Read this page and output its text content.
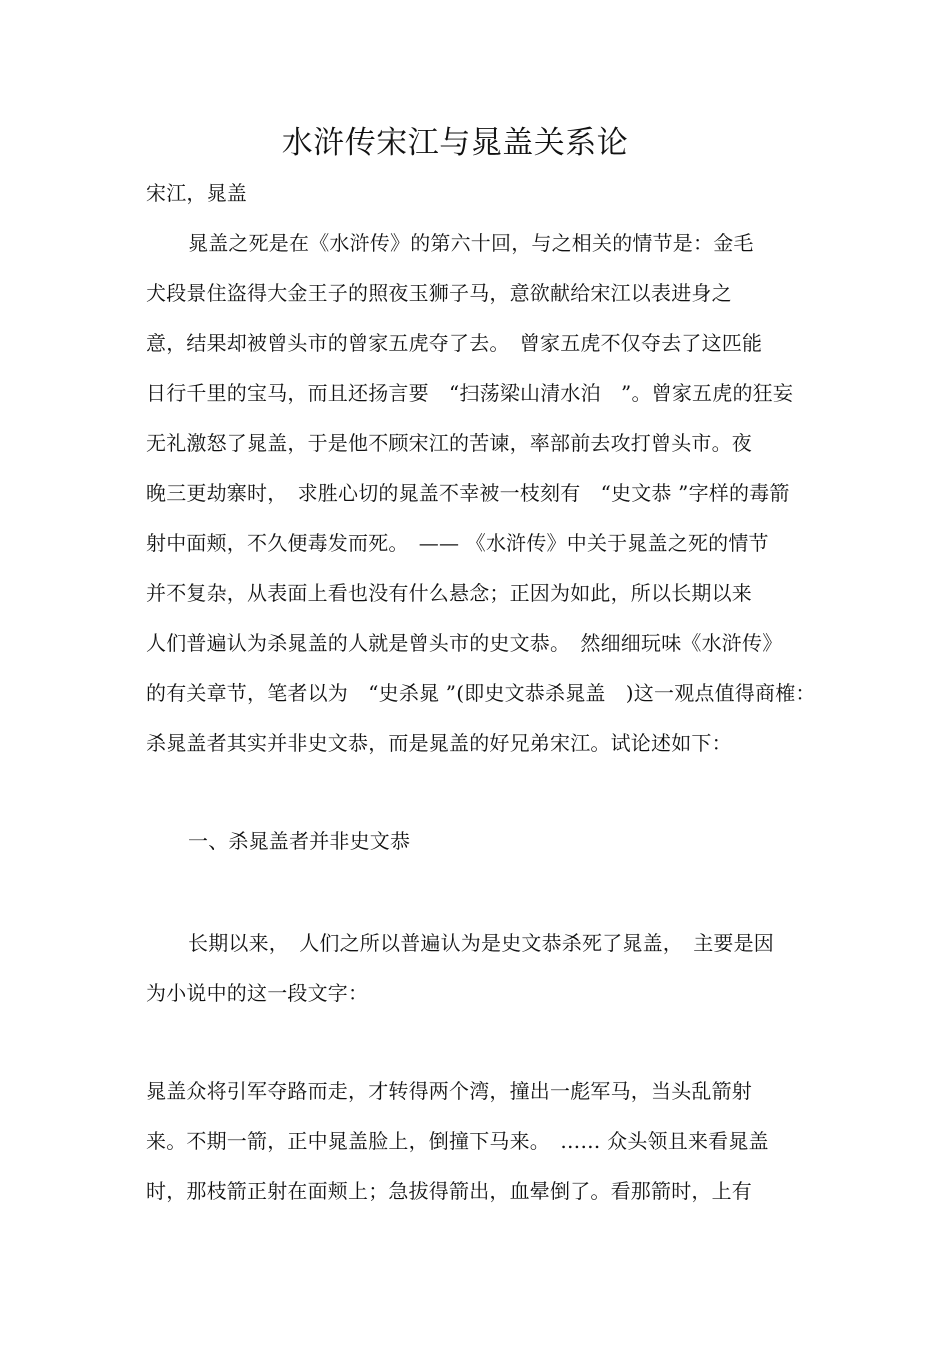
水浒传宋江与晁盖关系论
宋江，晁盖
晁盖之死是在《水浒传》的第六十回，与之相关的情节是：金毛
犬段景住盗得大金王子的照夜玉狮子马，意欲献给宋江以表进身之
意，结果却被曾头市的曾家五虎夺了去。　曾家五虎不仅夺去了这匹能
日行千里的宝马，而且还扬言要　“扫荡梁山清水泊　”。曾家五虎的狂妄
无礼激怒了晁盖，于是他不顾宋江的苦谏，率部前去攻打曾头市。夜
晚三更劫寨时，　求胜心切的晁盖不幸被一枝刻有　“史文恭 ”字样的毒箭
射中面颊，不久便毒发而死。　—— 《水浒传》中关于晁盖之死的情节
并不复杂，从表面上看也没有什么悬念；正因为如此，所以长期以来
人们普遍认为杀晁盖的人就是曾头市的史文恭。　然细细玩味《水浒传》
的有关章节，笔者以为　“史杀晁 ”(即史文恭杀晁盖　)这一观点值得商榷：
杀晁盖者其实并非史文恭，而是晁盖的好兄弟宋江。试论述如下：
一、杀晁盖者并非史文恭
长期以来，　人们之所以普遍认为是史文恭杀死了晁盖，　主要是因
为小说中的这一段文字：
晁盖众将引军夺路而走，才转得两个湾，撞出一彪军马，当头乱箭射
来。不期一箭，正中晁盖脸上，倒撞下马来。　…… 众头领且来看晁盖
时，那枝箭正射在面颊上；急拔得箭出，血晕倒了。看那箭时，上有
